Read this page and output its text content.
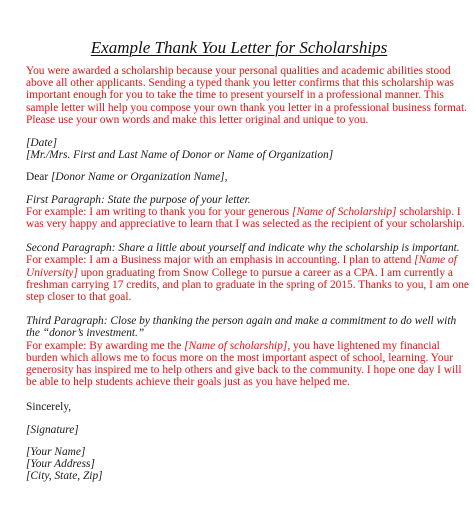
Example Thank You Letter for Scholarships
You were awarded a scholarship because your personal qualities and academic abilities stood
above all other applicants. Sending a typed thank you letter confirms that this scholarship was
important enough for you to take the time to present yourself in a professional manner. This
sample letter will help you compose your own thank you letter in a professional business format.
Please use your own words and make this letter original and unique to you.
[Date]
[Mr./Mrs. First and Last Name of Donor or Name of Organization]
Dear [Donor Name or Organization Name],
First Paragraph: State the purpose of your letter.
For example: I am writing to thank you for your generous [Name of Scholarship] scholarship. I
was very happy and appreciative to learn that I was selected as the recipient of your scholarship.
Second Paragraph: Share a little about yourself and indicate why the scholarship is important.
For example: I am a Business major with an emphasis in accounting. I plan to attend [Name of
University] upon graduating from Snow College to pursue a career as a CPA. I am currently a
freshman carrying 17 credits, and plan to graduate in the spring of 2015. Thanks to you, I am one
step closer to that goal.
Third Paragraph: Close by thanking the person again and make a commitment to do well with
the “donor’s investment.”
For example: By awarding me the [Name of scholarship], you have lightened my financial
burden which allows me to focus more on the most important aspect of school, learning. Your
generosity has inspired me to help others and give back to the community. I hope one day I will
be able to help students achieve their goals just as you have helped me.
Sincerely,
[Signature]
[Your Name]
[Your Address]
[City, State, Zip]
